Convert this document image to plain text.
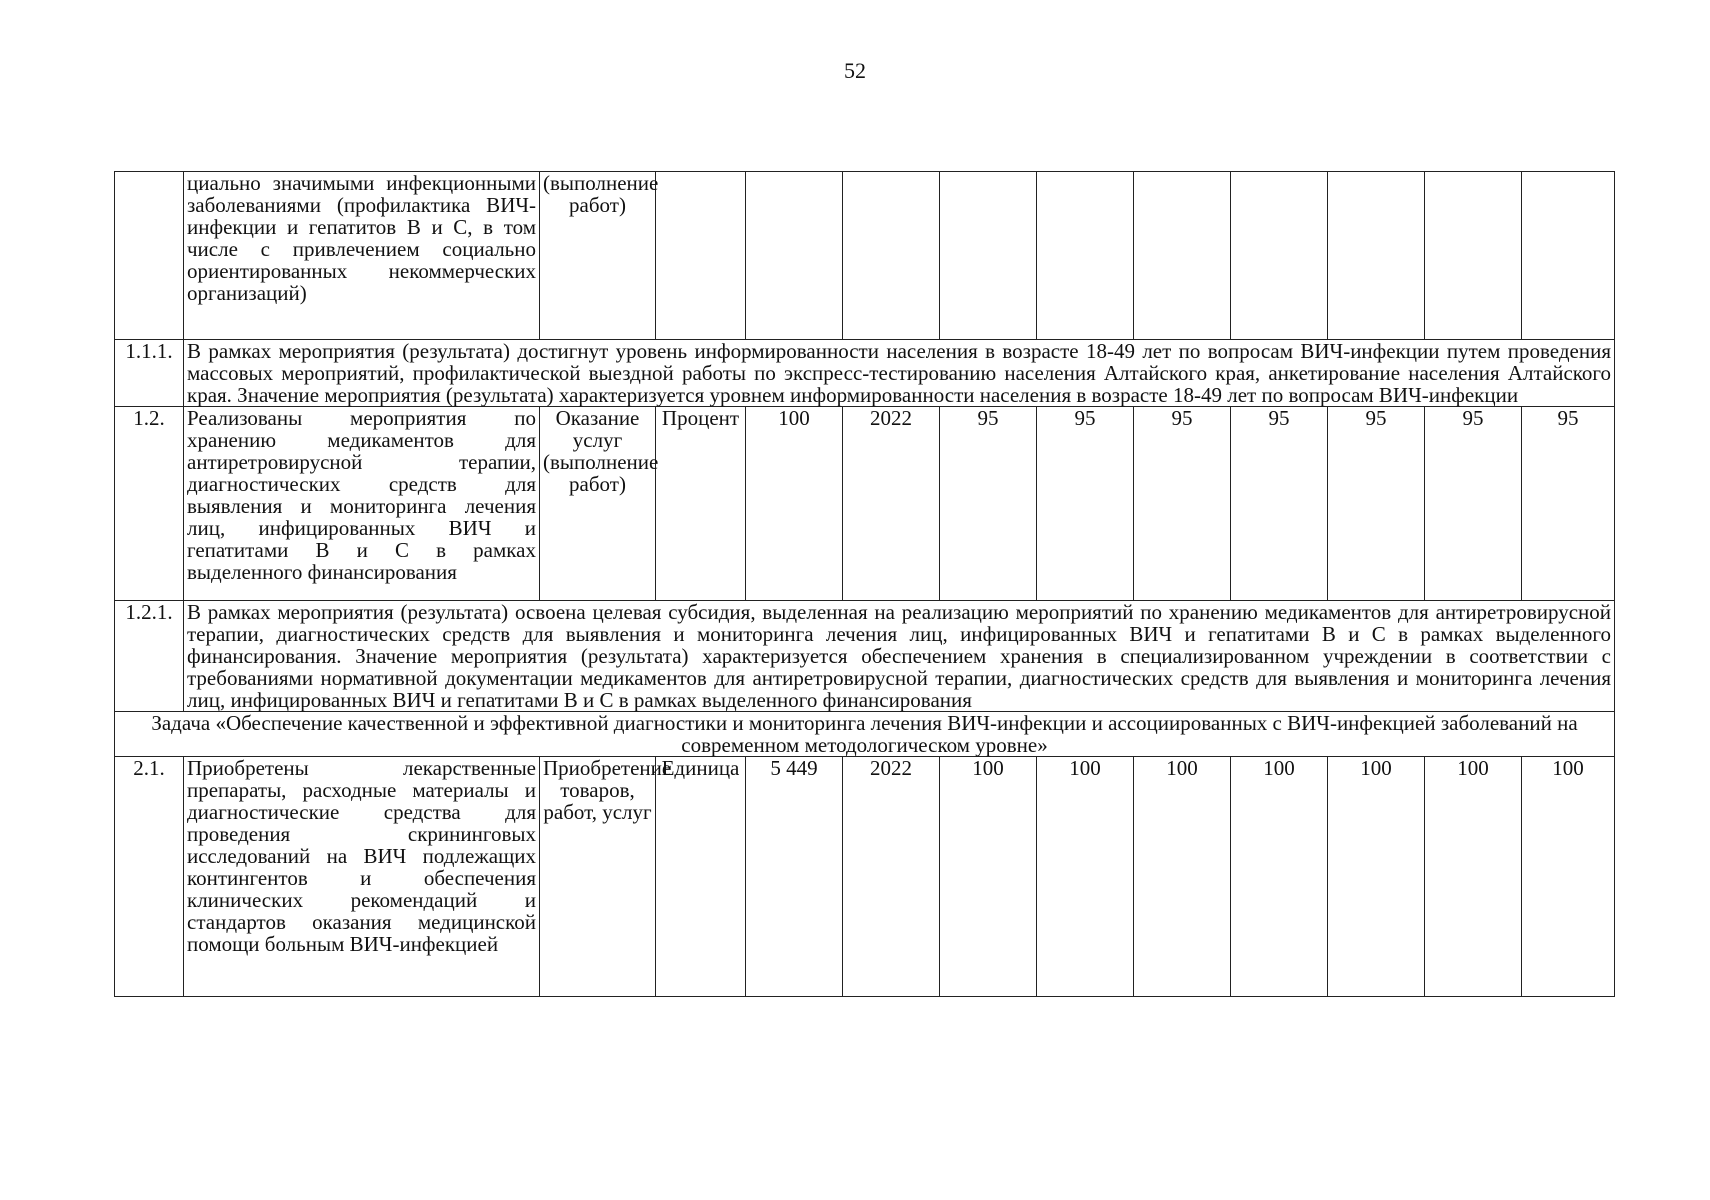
52
	циально значимыми инфекционными заболеваниями (профилактика ВИЧ-инфекции и гепатитов В и С, в том числе с привлечением социально ориентированных некоммерческих организаций)	(выполнение работ)										
1.1.1.	В рамках мероприятия (результата) достигнут уровень информированности населения в возрасте 18-49 лет по вопросам ВИЧ-инфекции путем проведения массовых мероприятий, профилактической выездной работы по экспресс-тестированию населения Алтайского края, анкетирование населения Алтайского края. Значение мероприятия (результата) характеризуется уровнем информированности населения в возрасте 18-49 лет по вопросам ВИЧ-инфекции											
1.2.	Реализованы мероприятия по хранению медикаментов для антиретровирусной терапии, диагностических средств для выявления и мониторинга лечения лиц, инфицированных ВИЧ и гепатитами В и С в рамках выделенного финансирования	Оказание услуг (выполнение работ)	Процент	100	2022	95	95	95	95	95	95	95
1.2.1.	В рамках мероприятия (результата) освоена целевая субсидия, выделенная на реализацию мероприятий по хранению медикаментов для антиретровирусной терапии, диагностических средств для выявления и мониторинга лечения лиц, инфицированных ВИЧ и гепатитами В и С в рамках выделенного финансирования. Значение мероприятия (результата) характеризуется обеспечением хранения в специализированном учреждении в соответствии с требованиями нормативной документации медикаментов для антиретровирусной терапии, диагностических средств для выявления и мониторинга лечения лиц, инфицированных ВИЧ и гепатитами В и С в рамках выделенного финансирования											
Задача «Обеспечение качественной и эффективной диагностики и мониторинга лечения ВИЧ-инфекции и ассоциированных с ВИЧ-инфекцией заболеваний на современном методологическом уровне»												
2.1.	Приобретены лекарственные препараты, расходные материалы и диагностические средства для проведения скрининговых исследований на ВИЧ подлежащих контингентов и обеспечения клинических рекомендаций и стандартов оказания медицинской помощи больным ВИЧ-инфекцией	Приобретение товаров, работ, услуг	Единица	5 449	2022	100	100	100	100	100	100	100
